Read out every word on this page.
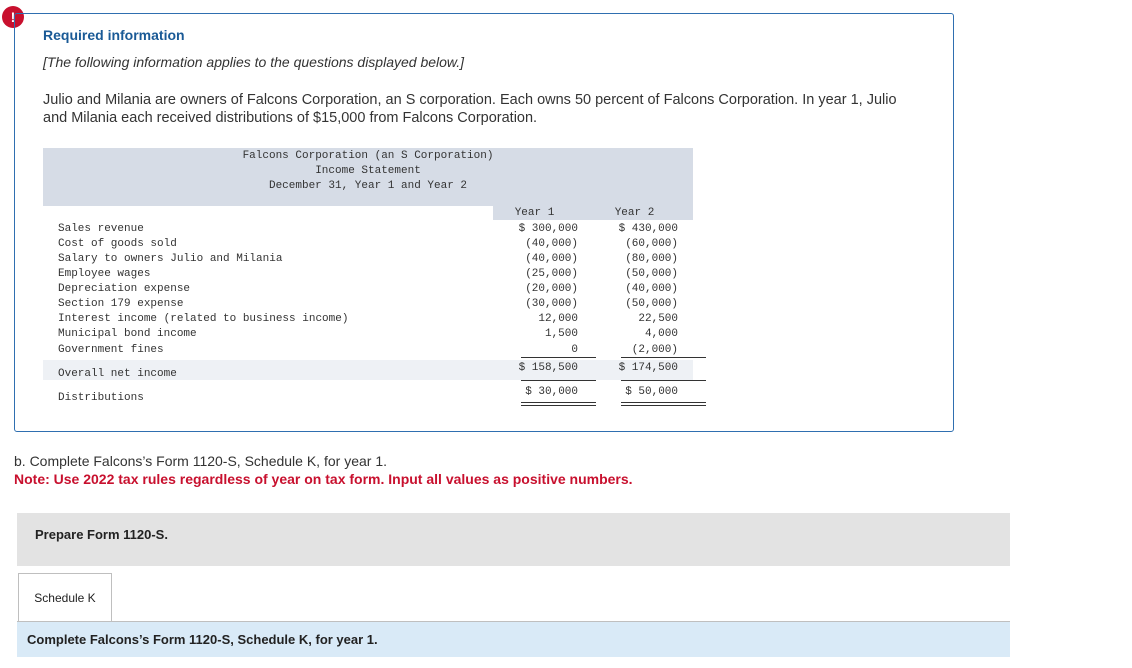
!
Required information
[The following information applies to the questions displayed below.]
Julio and Milania are owners of Falcons Corporation, an S corporation. Each owns 50 percent of Falcons Corporation. In year 1, Julio and Milania each received distributions of $15,000 from Falcons Corporation.
Falcons Corporation (an S Corporation)
Income Statement
December 31, Year 1 and Year 2
Year 1	Year 2
Sales revenue	$ 300,000	$ 430,000
Cost of goods sold	(40,000)	(60,000)
Salary to owners Julio and Milania	(40,000)	(80,000)
Employee wages	(25,000)	(50,000)
Depreciation expense	(20,000)	(40,000)
Section 179 expense	(30,000)	(50,000)
Interest income (related to business income)	12,000	22,500
Municipal bond income	1,500	4,000
Government fines	0	(2,000)
Overall net income	$ 158,500	$ 174,500
Distributions	$ 30,000	$ 50,000
b. Complete Falcons’s Form 1120-S, Schedule K, for year 1.
Note: Use 2022 tax rules regardless of year on tax form. Input all values as positive numbers.
Prepare Form 1120-S.
Schedule K
Complete Falcons’s Form 1120-S, Schedule K, for year 1.
